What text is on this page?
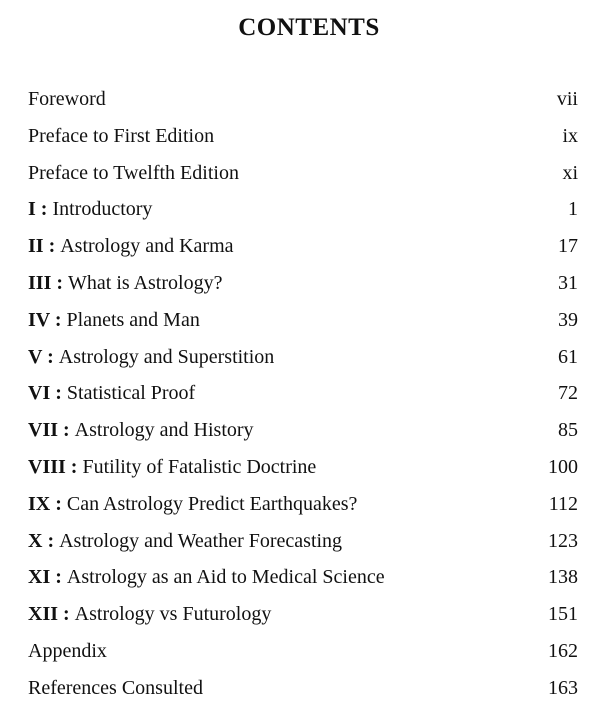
CONTENTS
Foreword	vii
Preface to First Edition	ix
Preface to Twelfth Edition	xi
I : Introductory	1
II : Astrology and Karma	17
III : What is Astrology?	31
IV : Planets and Man	39
V : Astrology and Superstition	61
VI : Statistical Proof	72
VII : Astrology and History	85
VIII : Futility of Fatalistic Doctrine	100
IX : Can Astrology Predict Earthquakes?	112
X : Astrology and Weather Forecasting	123
XI : Astrology as an Aid to Medical Science	138
XII : Astrology vs Futurology	151
Appendix	162
References Consulted	163
